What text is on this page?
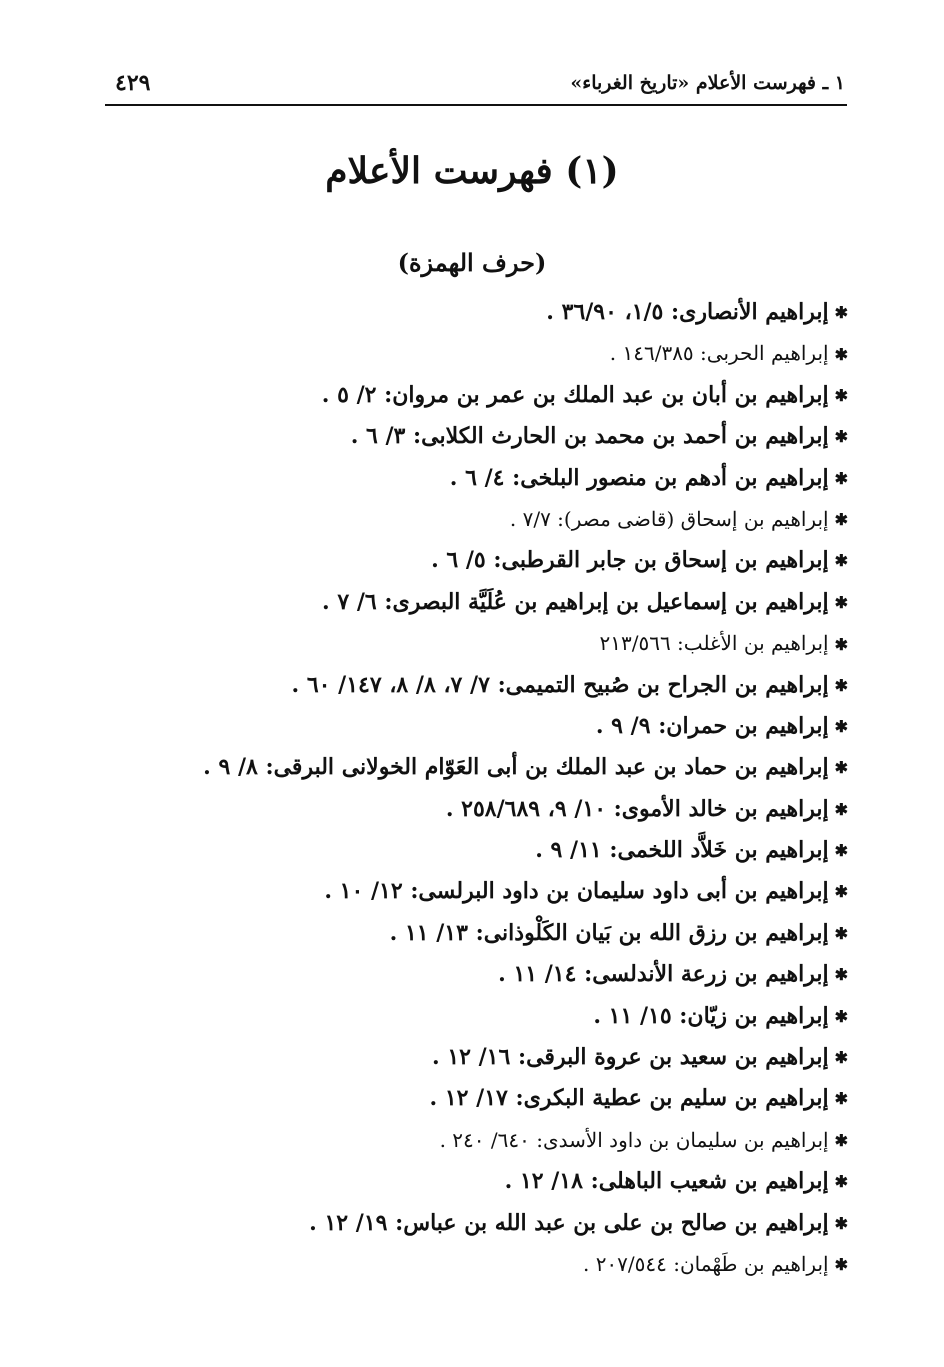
١ ـ فهرست الأعلام «تاريخ الغرباء»
٤٢٩
(١) فهرست الأعلام
(حرف الهمزة)
✱إبراهيم الأنصارى: ١/٥، ٣٦/٩٠ .
✱إبراهيم الحربى: ١٤٦/٣٨٥ .
✱إبراهيم بن أبان بن عبد الملك بن عمر بن مروان: ٢/ ٥ .
✱إبراهيم بن أحمد بن محمد بن الحارث الكلابى: ٣/ ٦ .
✱إبراهيم بن أدهم بن منصور البلخى: ٤/ ٦ .
✱إبراهيم بن إسحاق (قاضى مصر): ٧/٧ .
✱إبراهيم بن إسحاق بن جابر القرطبى: ٥/ ٦ .
✱إبراهيم بن إسماعيل بن إبراهيم بن عُلَيَّة البصرى: ٦/ ٧ .
✱إبراهيم بن الأغلب: ٢١٣/٥٦٦
✱إبراهيم بن الجراح بن صُبيح التميمى: ٧/ ٧، ٨/ ٨، ١٤٧/ ٦٠ .
✱إبراهيم بن حمران: ٩/ ٩ .
✱إبراهيم بن حماد بن عبد الملك بن أبى العَوّام الخولانى البرقى: ٨/ ٩ .
✱إبراهيم بن خالد الأموى: ١٠/ ٩، ٢٥٨/٦٨٩ .
✱إبراهيم بن خَلاَّد اللخمى: ١١/ ٩ .
✱إبراهيم بن أبى داود سليمان بن داود البرلسى: ١٢/ ١٠ .
✱إبراهيم بن رزق الله بن بَيان الكَلْوذانى: ١٣/ ١١ .
✱إبراهيم بن زرعة الأندلسى: ١٤/ ١١ .
✱إبراهيم بن زيّان: ١٥/ ١١ .
✱إبراهيم بن سعيد بن عروة البرقى: ١٦/ ١٢ .
✱إبراهيم بن سليم بن عطية البكرى: ١٧/ ١٢ .
✱إبراهيم بن سليمان بن داود الأسدى: ٦٤٠/ ٢٤٠ .
✱إبراهيم بن شعيب الباهلى: ١٨/ ١٢ .
✱إبراهيم بن صالح بن على بن عبد الله بن عباس: ١٩/ ١٢ .
✱إبراهيم بن طَهْمان: ٢٠٧/٥٤٤ .
